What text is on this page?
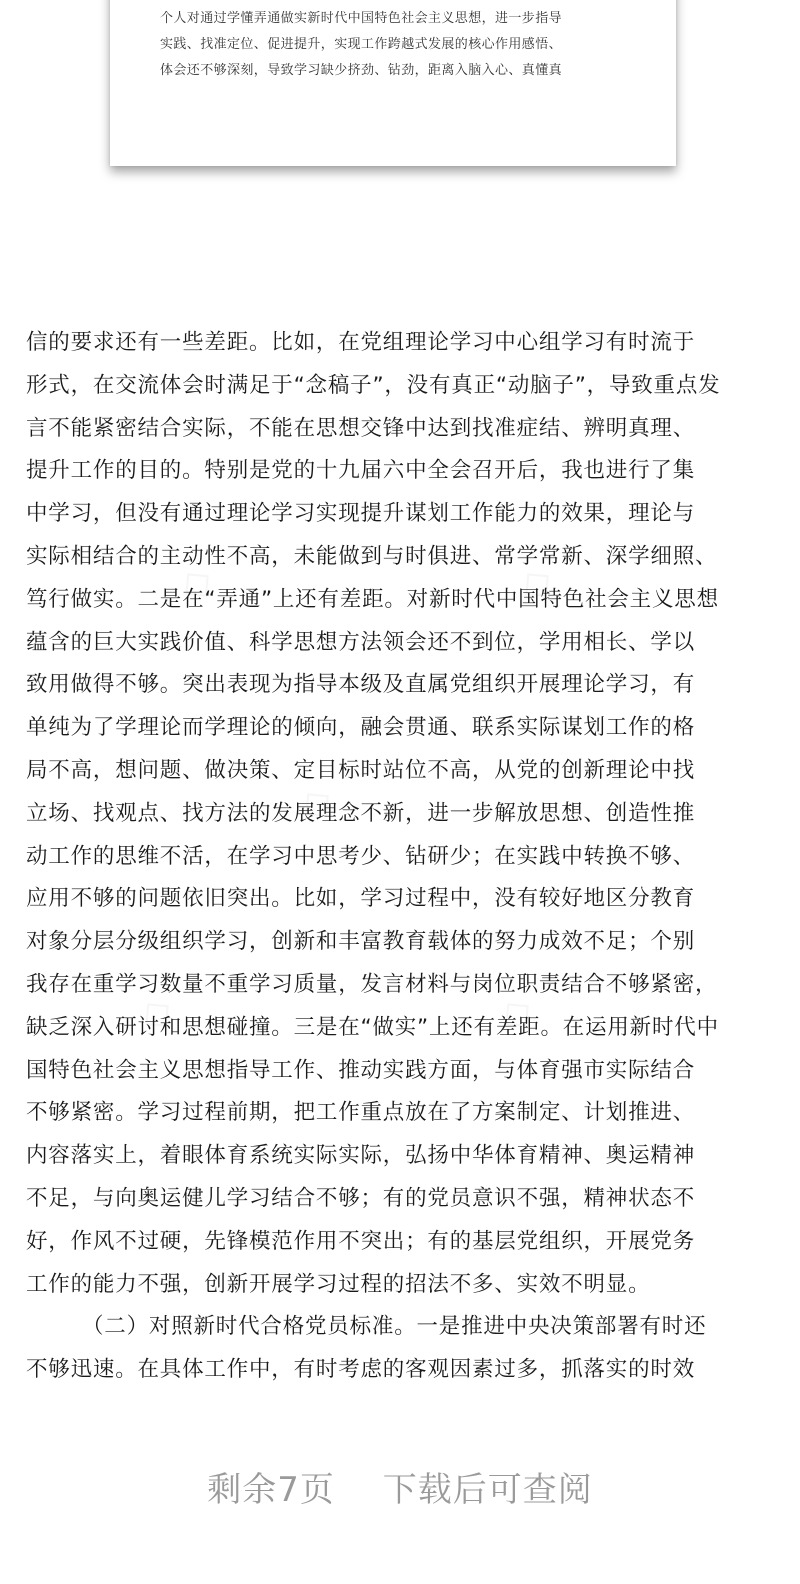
个人对通过学懂弄通做实新时代中国特色社会主义思想，进一步指导
实践、找准定位、促进提升，实现工作跨越式发展的核心作用感悟、
体会还不够深刻，导致学习缺少挤劲、钻劲，距离入脑入心、真懂真
信的要求还有一些差距。比如，在党组理论学习中心组学习有时流于
形式，在交流体会时满足于“念稿子”，没有真正“动脑子”，导致重点发
言不能紧密结合实际，不能在思想交锋中达到找准症结、辨明真理、
提升工作的目的。特别是党的十九届六中全会召开后，我也进行了集
中学习，但没有通过理论学习实现提升谋划工作能力的效果，理论与
实际相结合的主动性不高，未能做到与时俱进、常学常新、深学细照、
笃行做实。二是在“弄通”上还有差距。对新时代中国特色社会主义思想
蕴含的巨大实践价值、科学思想方法领会还不到位，学用相长、学以
致用做得不够。突出表现为指导本级及直属党组织开展理论学习，有
单纯为了学理论而学理论的倾向，融会贯通、联系实际谋划工作的格
局不高，想问题、做决策、定目标时站位不高，从党的创新理论中找
立场、找观点、找方法的发展理念不新，进一步解放思想、创造性推
动工作的思维不活，在学习中思考少、钻研少；在实践中转换不够、
应用不够的问题依旧突出。比如，学习过程中，没有较好地区分教育
对象分层分级组织学习，创新和丰富教育载体的努力成效不足；个别
我存在重学习数量不重学习质量，发言材料与岗位职责结合不够紧密，
缺乏深入研讨和思想碰撞。三是在“做实”上还有差距。在运用新时代中
国特色社会主义思想指导工作、推动实践方面，与体育强市实际结合
不够紧密。学习过程前期，把工作重点放在了方案制定、计划推进、
内容落实上，着眼体育系统实际实际，弘扬中华体育精神、奥运精神
不足，与向奥运健儿学习结合不够；有的党员意识不强，精神状态不
好，作风不过硬，先锋模范作用不突出；有的基层党组织，开展党务
工作的能力不强，创新开展学习过程的招法不多、实效不明显。
（二）对照新时代合格党员标准。一是推进中央决策部署有时还
不够迅速。在具体工作中，有时考虑的客观因素过多，抓落实的时效
剩余7页 下载后可查阅
